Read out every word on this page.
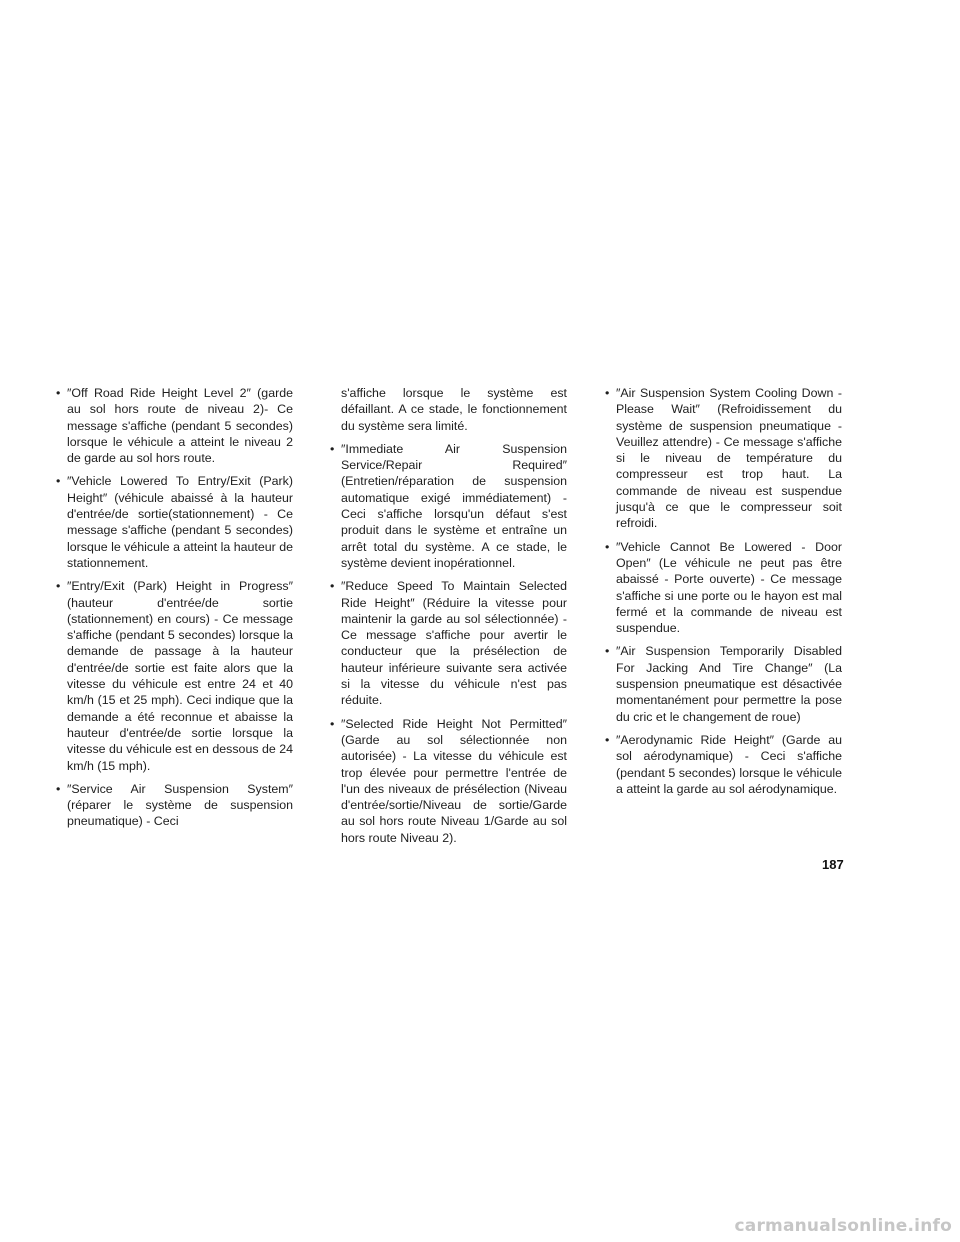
• ″Off Road Ride Height Level 2″ (garde au sol hors route de niveau 2)- Ce message s'affiche (pendant 5 secondes) lorsque le véhicule a atteint le niveau 2 de garde au sol hors route.
• ″Vehicle Lowered To Entry/Exit (Park) Height″ (véhicule abaissé à la hauteur d'entrée/de sortie(stationnement) - Ce message s'affiche (pendant 5 secondes) lorsque le véhicule a atteint la hauteur de stationnement.
• ″Entry/Exit (Park) Height in Progress″ (hauteur d'entrée/de sortie (stationnement) en cours) - Ce message s'affiche (pendant 5 secondes) lorsque la demande de passage à la hauteur d'entrée/de sortie est faite alors que la vitesse du véhicule est entre 24 et 40 km/h (15 et 25 mph). Ceci indique que la demande a été reconnue et abaisse la hauteur d'entrée/de sortie lorsque la vitesse du véhicule est en dessous de 24 km/h (15 mph).
• ″Service Air Suspension System″ (réparer le système de suspension pneumatique) - Ceci
s'affiche lorsque le système est défaillant. A ce stade, le fonctionnement du système sera limité.
• ″Immediate Air Suspension Service/Repair Required″ (Entretien/réparation de suspension automatique exigé immédiatement) - Ceci s'affiche lorsqu'un défaut s'est produit dans le système et entraîne un arrêt total du système. A ce stade, le système devient inopérationnel.
• ″Reduce Speed To Maintain Selected Ride Height″ (Réduire la vitesse pour maintenir la garde au sol sélectionnée) - Ce message s'affiche pour avertir le conducteur que la présélection de hauteur inférieure suivante sera activée si la vitesse du véhicule n'est pas réduite.
• ″Selected Ride Height Not Permitted″ (Garde au sol sélectionnée non autorisée) - La vitesse du véhicule est trop élevée pour permettre l'entrée de l'un des niveaux de présélection (Niveau d'entrée/sortie/Niveau de sortie/Garde au sol hors route Niveau 1/Garde au sol hors route Niveau 2).
• ″Air Suspension System Cooling Down - Please Wait″ (Refroidissement du système de suspension pneumatique - Veuillez attendre) - Ce message s'affiche si le niveau de température du compresseur est trop haut. La commande de niveau est suspendue jusqu'à ce que le compresseur soit refroidi.
• ″Vehicle Cannot Be Lowered - Door Open″ (Le véhicule ne peut pas être abaissé - Porte ouverte) - Ce message s'affiche si une porte ou le hayon est mal fermé et la commande de niveau est suspendue.
• ″Air Suspension Temporarily Disabled For Jacking And Tire Change″ (La suspension pneumatique est désactivée momentanément pour permettre la pose du cric et le changement de roue)
• ″Aerodynamic Ride Height″ (Garde au sol aérodynamique) - Ceci s'affiche (pendant 5 secondes) lorsque le véhicule a atteint la garde au sol aérodynamique.
187
carmanualsonline.info
